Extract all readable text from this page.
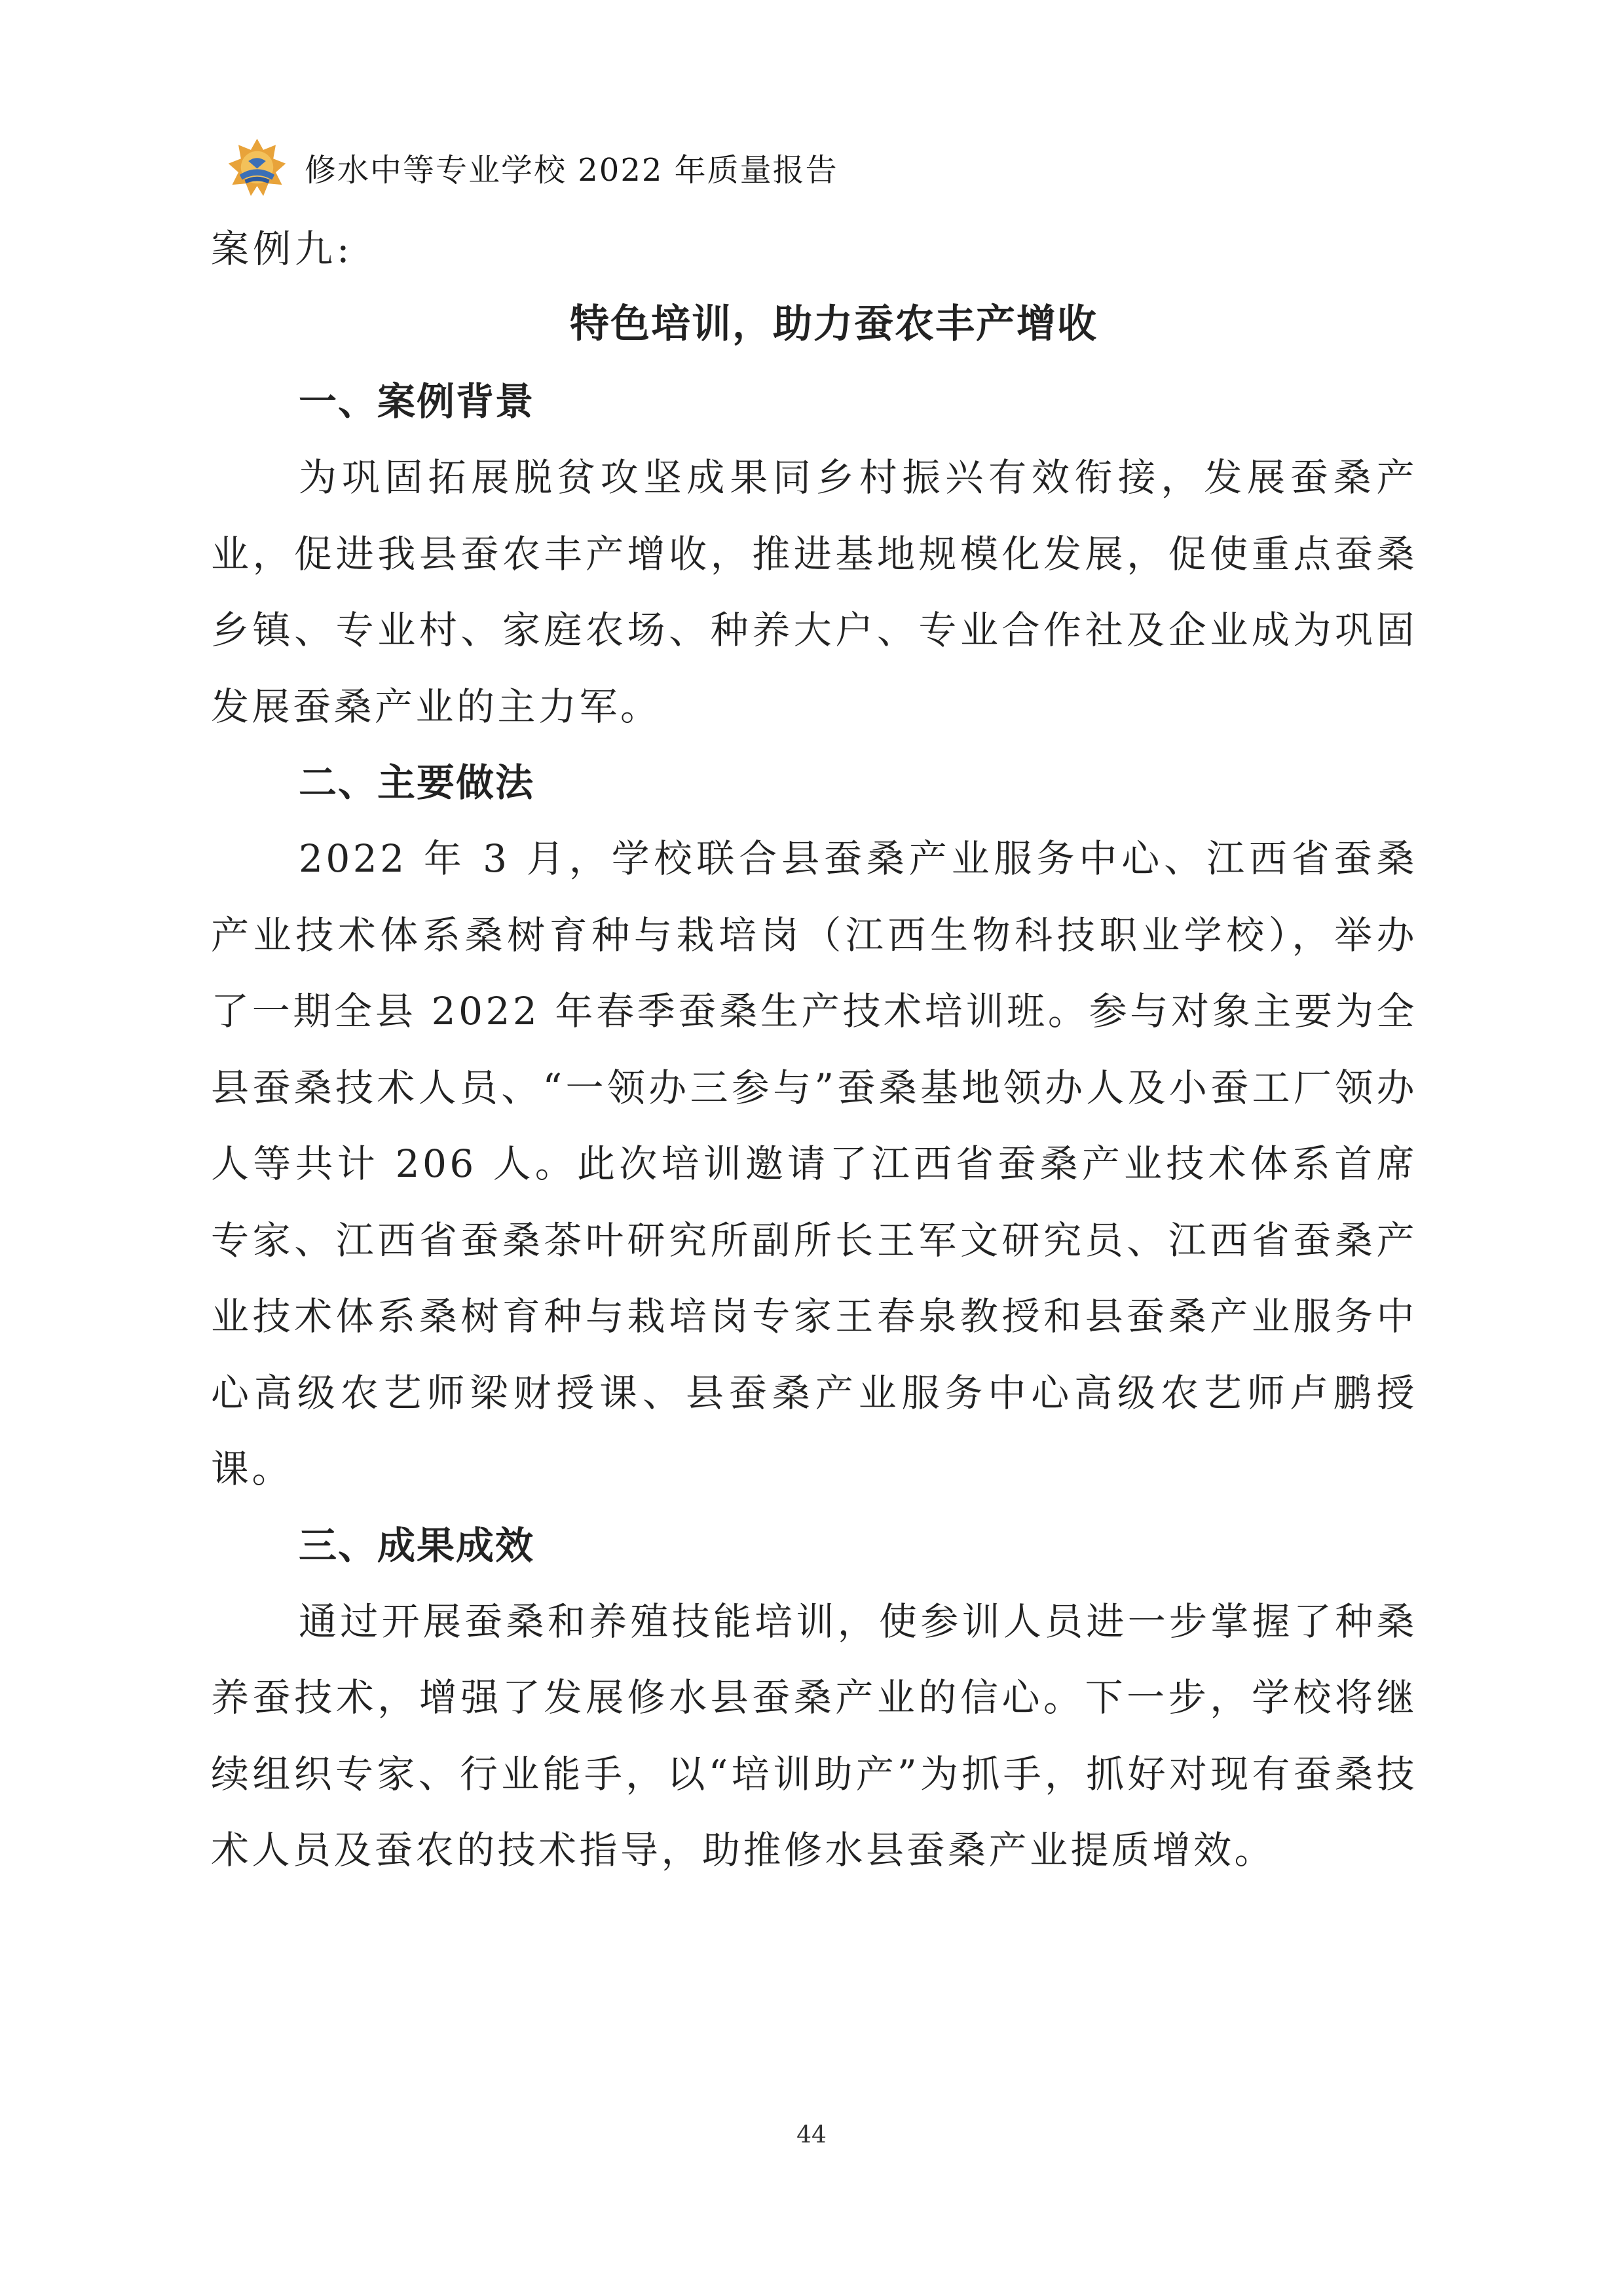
修水中等专业学校 2022 年质量报告

案例九:

特色培训，助力蚕农丰产增收
一、案例背景

为巩固拓展脱贫攻坚成果同乡村振兴有效衔接，发展蚕桑产业，促进我县蚕农丰产增收，推进基地规模化发展，促使重点蚕桑乡镇、专业村、家庭农场、种养大户、专业合作社及企业成为巩固发展蚕桑产业的主力军。

二、主要做法

2022 年 3 月，学校联合县蚕桑产业服务中心、江西省蚕桑产业技术体系桑树育种与栽培岗（江西生物科技职业学校），举办了一期全县 2022 年春季蚕桑生产技术培训班。参与对象主要为全县蚕桑技术人员、“一领办三参与”蚕桑基地领办人及小蚕工厂领办人等共计 206 人。此次培训邀请了江西省蚕桑产业技术体系首席专家、江西省蚕桑茶叶研究所副所长王军文研究员、江西省蚕桑产业技术体系桑树育种与栽培岗专家王春泉教授和县蚕桑产业服务中心高级农艺师梁财授课、县蚕桑产业服务中心高级农艺师卢鹏授课。

三、成果成效

通过开展蚕桑和养殖技能培训，使参训人员进一步掌握了种桑养蚕技术，增强了发展修水县蚕桑产业的信心。下一步，学校将继续组织专家、行业能手，以“培训助产”为抓手，抓好对现有蚕桑技术人员及蚕农的技术指导，助推修水县蚕桑产业提质增效。

44
